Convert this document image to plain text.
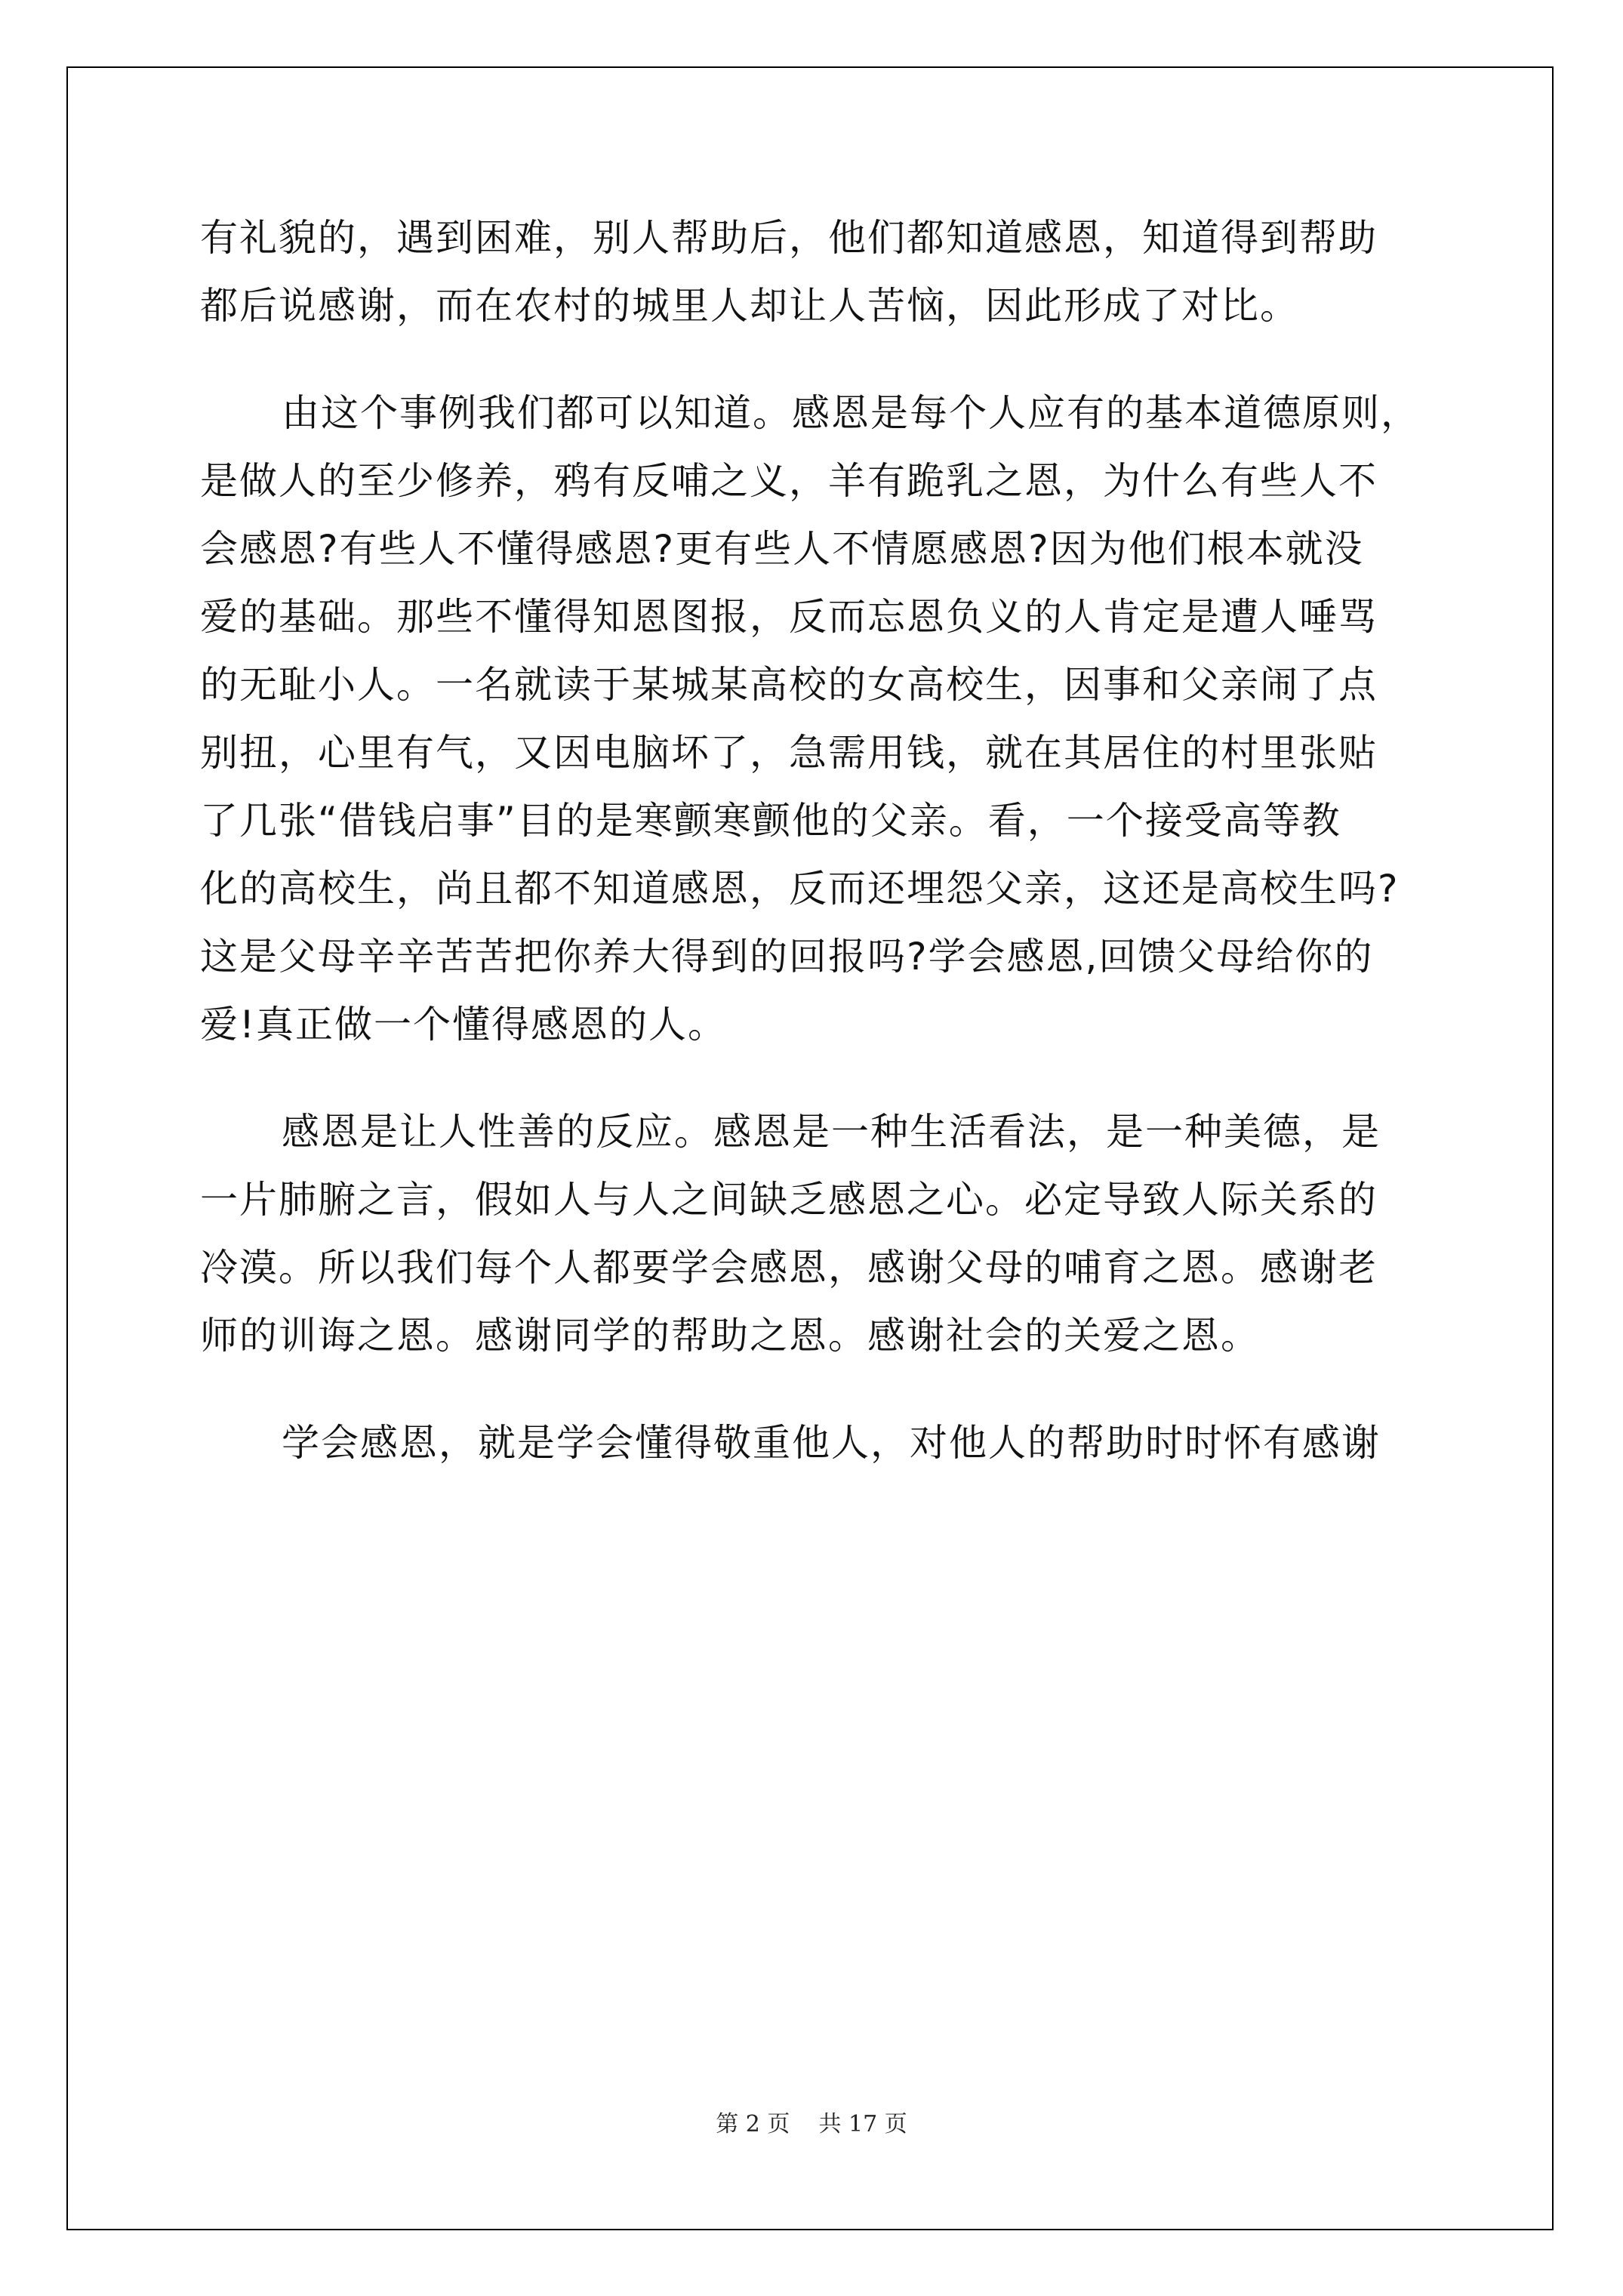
有礼貌的，遇到困难，别人帮助后，他们都知道感恩，知道得到帮助
都后说感谢，而在农村的城里人却让人苦恼，因此形成了对比。
由这个事例我们都可以知道。感恩是每个人应有的基本道德原则，
是做人的至少修养，鸦有反哺之义，羊有跪乳之恩，为什么有些人不
会感恩?有些人不懂得感恩?更有些人不情愿感恩?因为他们根本就没
爱的基础。那些不懂得知恩图报，反而忘恩负义的人肯定是遭人唾骂
的无耻小人。一名就读于某城某高校的女高校生，因事和父亲闹了点
别扭，心里有气，又因电脑坏了，急需用钱，就在其居住的村里张贴
了几张“借钱启事”目的是寒颤寒颤他的父亲。看，一个接受高等教
化的高校生，尚且都不知道感恩，反而还埋怨父亲，这还是高校生吗?
这是父母辛辛苦苦把你养大得到的回报吗?学会感恩,回馈父母给你的
爱!真正做一个懂得感恩的人。
感恩是让人性善的反应。感恩是一种生活看法，是一种美德，是
一片肺腑之言，假如人与人之间缺乏感恩之心。必定导致人际关系的
冷漠。所以我们每个人都要学会感恩，感谢父母的哺育之恩。感谢老
师的训诲之恩。感谢同学的帮助之恩。感谢社会的关爱之恩。
学会感恩，就是学会懂得敬重他人，对他人的帮助时时怀有感谢
第 2 页    共 17 页
